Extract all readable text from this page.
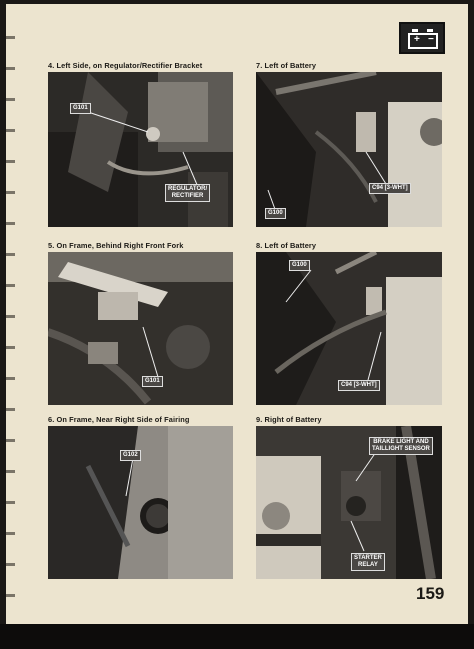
+ −
4. Left Side, on Regulator/Rectifier Bracket
G101
REGULATOR/
RECTIFIER
5. On Frame, Behind Right Front Fork
G101
6. On Frame, Near Right Side of Fairing
G102
7. Left of Battery
C94 [3-WHT]
G100
8. Left of Battery
G100
C94 [3-WHT]
9. Right of Battery
BRAKE LIGHT AND
TAILLIGHT SENSOR
STARTER
RELAY
159
